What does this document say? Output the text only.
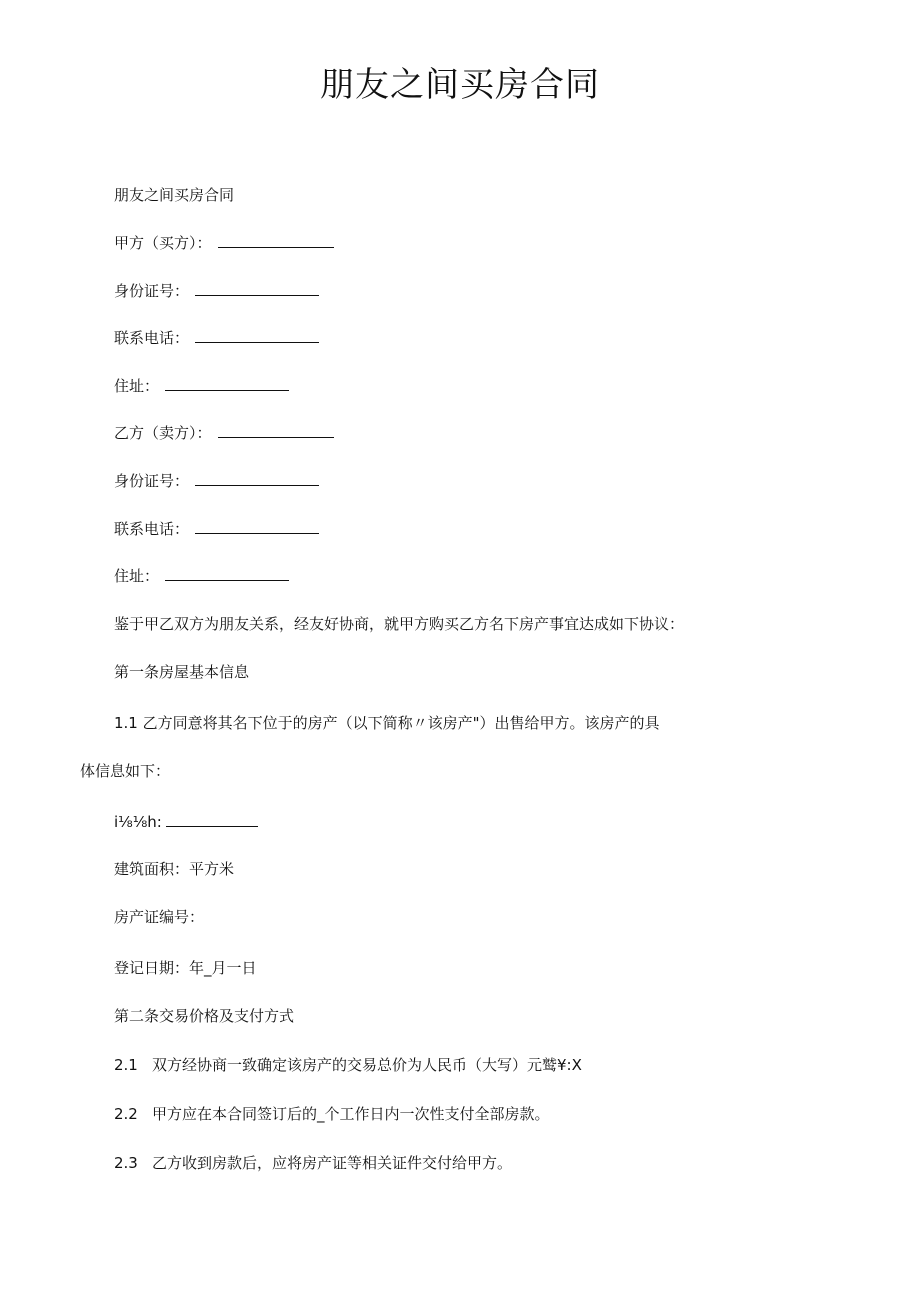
朋友之间买房合同
朋友之间买房合同
甲方（买方）：
身份证号：
联系电话：
住址：
乙方（卖方）：
身份证号：
联系电话：
住址：
鉴于甲乙双方为朋友关系，经友好协商，就甲方购买乙方名下房产事宜达成如下协议：
第一条房屋基本信息
1.1 乙方同意将其名下位于的房产（以下简称〃该房产"）出售给甲方。该房产的具
体信息如下：
i⅛⅛h:
建筑面积：平方米
房产证编号：
登记日期：年_月一日
第二条交易价格及支付方式
2.1 双方经协商一致确定该房产的交易总价为人民币（大写）元鹫¥:Ⅹ
2.2 甲方应在本合同签订后的_个工作日内一次性支付全部房款。
2.3 乙方收到房款后，应将房产证等相关证件交付给甲方。
